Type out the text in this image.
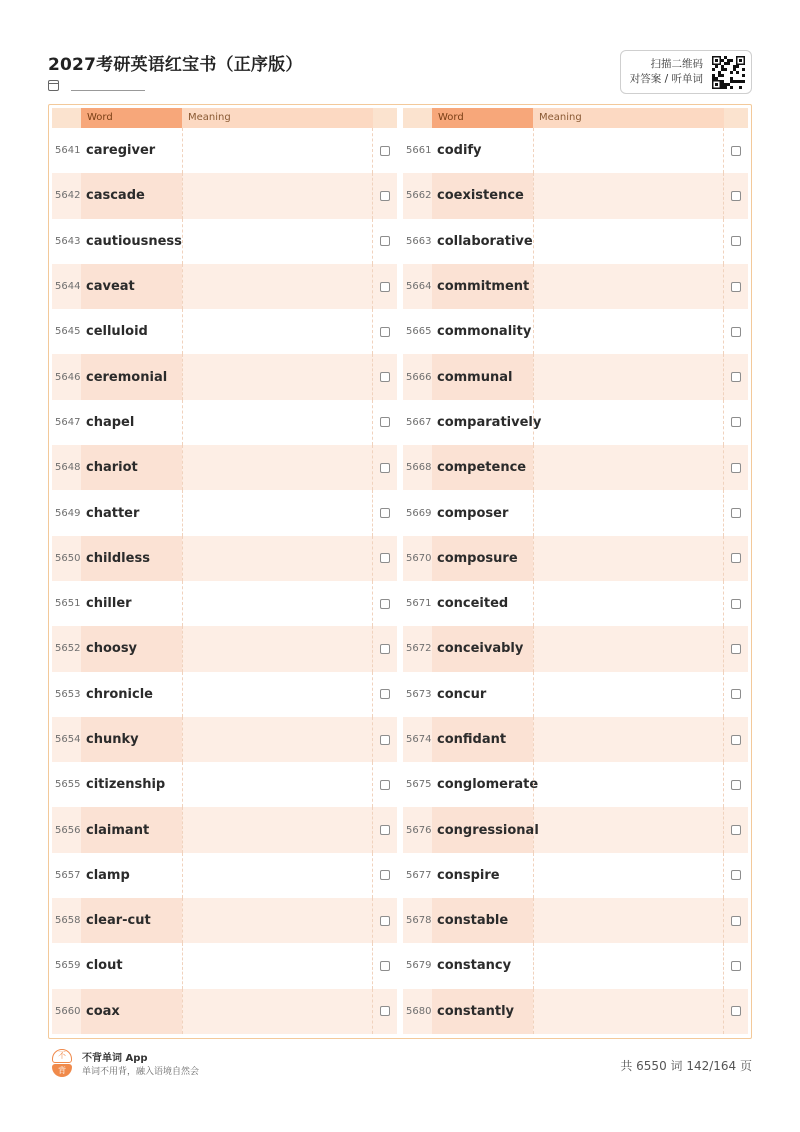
2027考研英语红宝书（正序版）	扫描二维码
对答案 / 听单词
Word	Meaning
5641 caregiver
5642 cascade
5643 cautiousness
5644 caveat
5645 celluloid
5646 ceremonial
5647 chapel
5648 chariot
5649 chatter
5650 childless
5651 chiller
5652 choosy
5653 chronicle
5654 chunky
5655 citizenship
5656 claimant
5657 clamp
5658 clear-cut
5659 clout
5660 coax
Word	Meaning
5661 codify
5662 coexistence
5663 collaborative
5664 commitment
5665 commonality
5666 communal
5667 comparatively
5668 competence
5669 composer
5670 composure
5671 conceited
5672 conceivably
5673 concur
5674 confidant
5675 conglomerate
5676 congressional
5677 conspire
5678 constable
5679 constancy
5680 constantly
不
背
不背单词 App
单词不用背，融入语境自然会	共 6550 词 142/164 页
